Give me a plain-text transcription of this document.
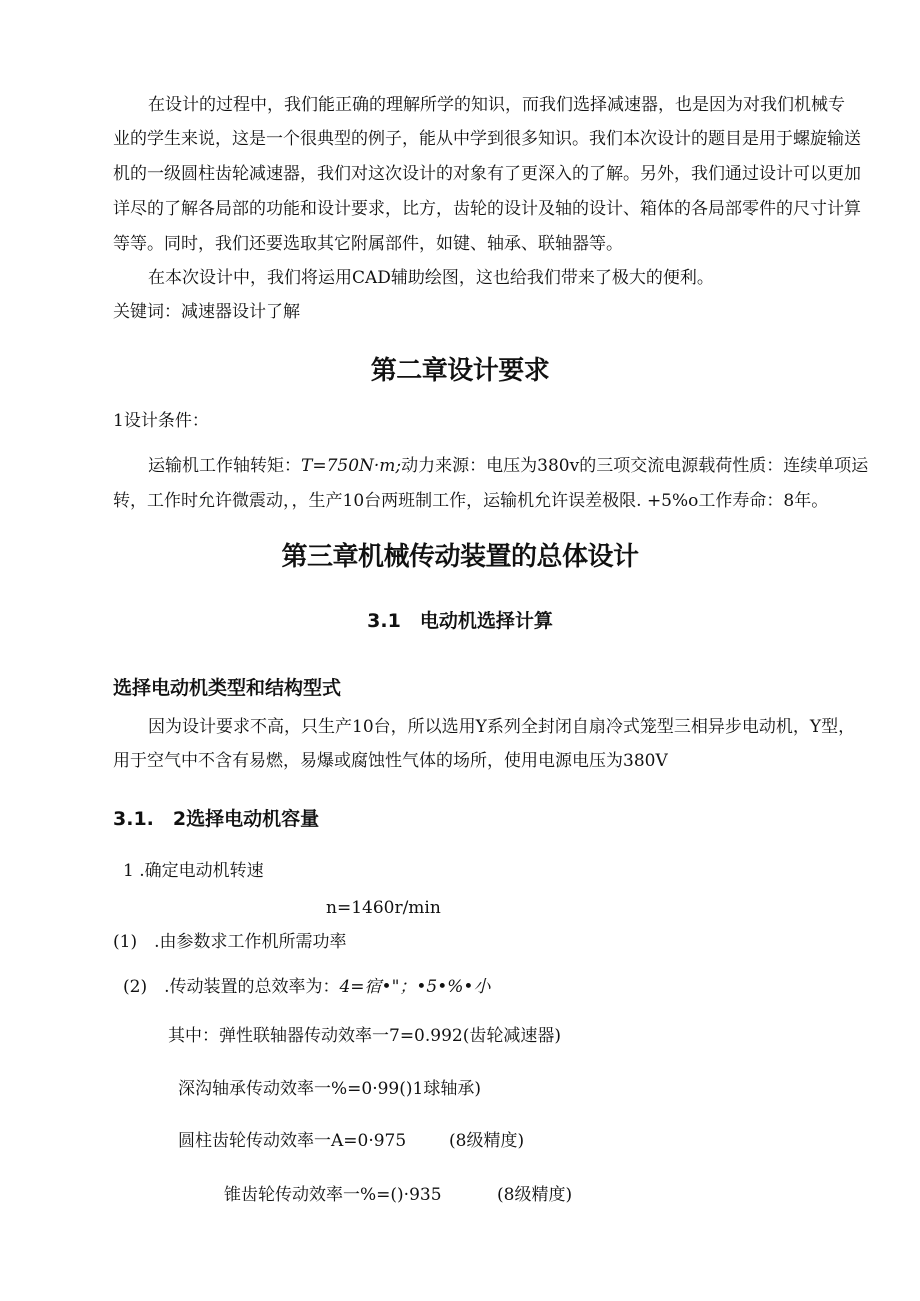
在设计的过程中，我们能正确的理解所学的知识，而我们选择减速器，也是因为对我们机械专

业的学生来说，这是一个很典型的例子，能从中学到很多知识。我们本次设计的题目是用于螺旋输送

机的一级圆柱齿轮减速器，我们对这次设计的对象有了更深入的了解。另外，我们通过设计可以更加

详尽的了解各局部的功能和设计要求，比方，齿轮的设计及轴的设计、箱体的各局部零件的尺寸计算

等等。同时，我们还要选取其它附属部件，如键、轴承、联轴器等。

在本次设计中，我们将运用CAD辅助绘图，这也给我们带来了极大的便利。

关键词：减速器设计了解

第二章设计要求

1设计条件：

运输机工作轴转矩：T=750N·m;动力来源：电压为380v的三项交流电源载荷性质：连续单项运

转，工作时允许微震动，，生产10台两班制工作，运输机允许误差极限. +5%o工作寿命：8年。

第三章机械传动装置的总体设计
3.1　电动机选择计算
选择电动机类型和结构型式

因为设计要求不高，只生产10台，所以选用Y系列全封闭自扇冷式笼型三相异步电动机，Y型，

用于空气中不含有易燃，易爆或腐蚀性气体的场所，使用电源电压为380V

3.1.　2选择电动机容量

1 .确定电动机转速

n=1460r/min

(1)　.由参数求工作机所需功率

(2)　.传动装置的总效率为：4=宿•"；•5•%•小

其中：弹性联轴器传动效率一7=0.992(齿轮减速器)

深沟轴承传动效率一%=0·99()1球轴承)

圆柱齿轮传动效率一A=0·975	(8级精度)

锥齿轮传动效率一%=()·935	(8级精度)
